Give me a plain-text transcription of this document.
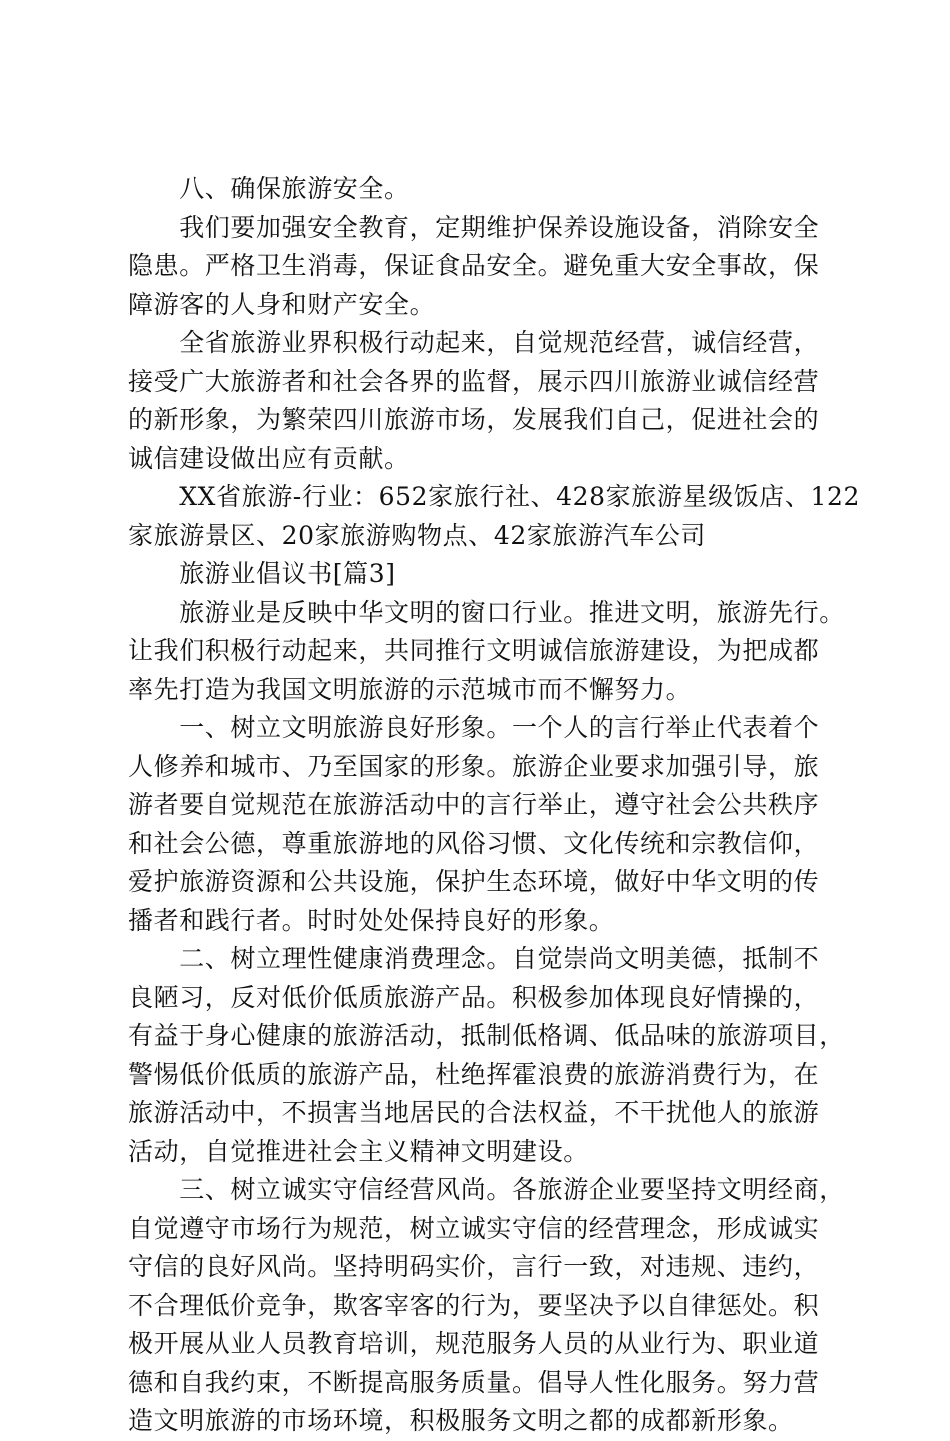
　　八、确保旅游安全。
　　我们要加强安全教育，定期维护保养设施设备，消除安全
隐患。严格卫生消毒，保证食品安全。避免重大安全事故，保
障游客的人身和财产安全。
　　全省旅游业界积极行动起来，自觉规范经营，诚信经营，
接受广大旅游者和社会各界的监督，展示四川旅游业诚信经营
的新形象，为繁荣四川旅游市场，发展我们自己，促进社会的
诚信建设做出应有贡献。
　　XX省旅游-行业：652家旅行社、428家旅游星级饭店、122
家旅游景区、20家旅游购物点、42家旅游汽车公司
　　旅游业倡议书[篇3]
　　旅游业是反映中华文明的窗口行业。推进文明，旅游先行。
让我们积极行动起来，共同推行文明诚信旅游建设，为把成都
率先打造为我国文明旅游的示范城市而不懈努力。
　　一、树立文明旅游良好形象。一个人的言行举止代表着个
人修养和城市、乃至国家的形象。旅游企业要求加强引导，旅
游者要自觉规范在旅游活动中的言行举止，遵守社会公共秩序
和社会公德，尊重旅游地的风俗习惯、文化传统和宗教信仰，
爱护旅游资源和公共设施，保护生态环境，做好中华文明的传
播者和践行者。时时处处保持良好的形象。
　　二、树立理性健康消费理念。自觉崇尚文明美德，抵制不
良陋习，反对低价低质旅游产品。积极参加体现良好情操的，
有益于身心健康的旅游活动，抵制低格调、低品味的旅游项目，
警惕低价低质的旅游产品，杜绝挥霍浪费的旅游消费行为，在
旅游活动中，不损害当地居民的合法权益，不干扰他人的旅游
活动，自觉推进社会主义精神文明建设。
　　三、树立诚实守信经营风尚。各旅游企业要坚持文明经商，
自觉遵守市场行为规范，树立诚实守信的经营理念，形成诚实
守信的良好风尚。坚持明码实价，言行一致，对违规、违约，
不合理低价竞争，欺客宰客的行为，要坚决予以自律惩处。积
极开展从业人员教育培训，规范服务人员的从业行为、职业道
德和自我约束，不断提高服务质量。倡导人性化服务。努力营
造文明旅游的市场环境，积极服务文明之都的成都新形象。
